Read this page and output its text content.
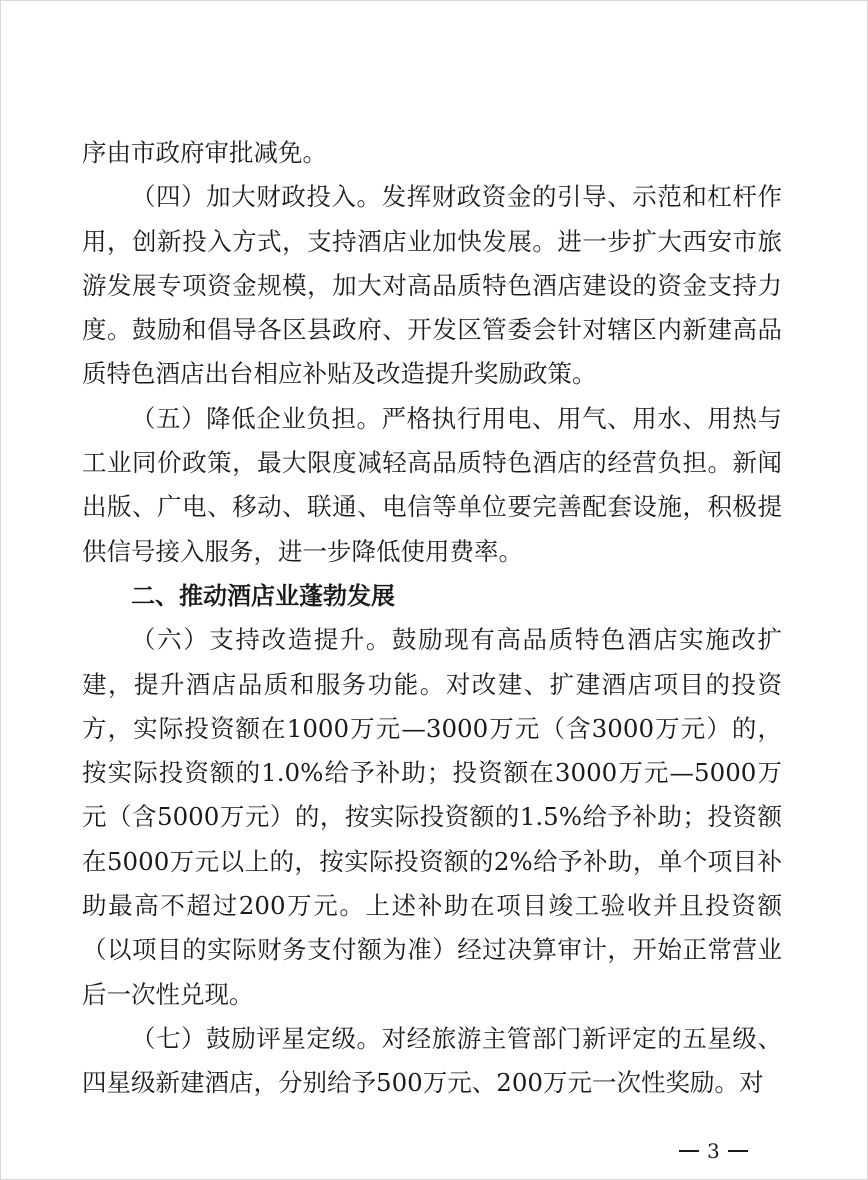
序由市政府审批减免。

（四）加大财政投入。发挥财政资金的引导、示范和杠杆作用，创新投入方式，支持酒店业加快发展。进一步扩大西安市旅游发展专项资金规模，加大对高品质特色酒店建设的资金支持力度。鼓励和倡导各区县政府、开发区管委会针对辖区内新建高品质特色酒店出台相应补贴及改造提升奖励政策。

（五）降低企业负担。严格执行用电、用气、用水、用热与工业同价政策，最大限度减轻高品质特色酒店的经营负担。新闻出版、广电、移动、联通、电信等单位要完善配套设施，积极提供信号接入服务，进一步降低使用费率。

二、推动酒店业蓬勃发展

（六）支持改造提升。鼓励现有高品质特色酒店实施改扩建，提升酒店品质和服务功能。对改建、扩建酒店项目的投资方，实际投资额在1000万元—3000万元（含3000万元）的，按实际投资额的1.0%给予补助；投资额在3000万元—5000万元（含5000万元）的，按实际投资额的1.5%给予补助；投资额在5000万元以上的，按实际投资额的2%给予补助，单个项目补助最高不超过200万元。上述补助在项目竣工验收并且投资额（以项目的实际财务支付额为准）经过决算审计，开始正常营业后一次性兑现。

（七）鼓励评星定级。对经旅游主管部门新评定的五星级、四星级新建酒店，分别给予500万元、200万元一次性奖励。对

3
